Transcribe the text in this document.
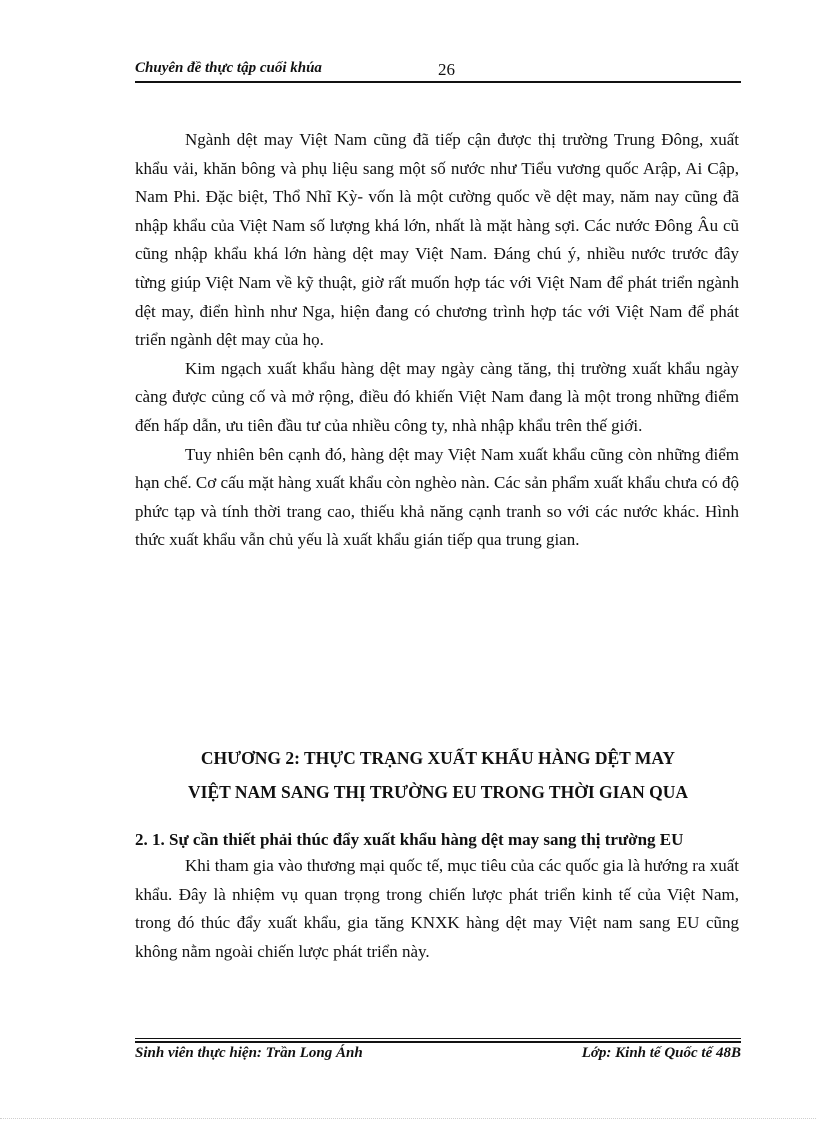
Chuyên đề thực tập cuối khúa	26

Ngành dệt may Việt Nam cũng đã tiếp cận được thị trường Trung Đông, xuất khẩu vải, khăn bông và phụ liệu sang một số nước như Tiểu vương quốc Arập, Ai Cập, Nam Phi. Đặc biệt, Thổ Nhĩ Kỳ- vốn là một cường quốc về dệt may, năm nay cũng đã nhập khẩu của Việt Nam số lượng khá lớn, nhất là mặt hàng sợi. Các nước Đông Âu cũ cũng nhập khẩu khá lớn hàng dệt may Việt Nam. Đáng chú ý, nhiều nước trước đây từng giúp Việt Nam về kỹ thuật, giờ rất muốn hợp tác với Việt Nam để phát triển ngành dệt may, điển hình như Nga, hiện đang có chương trình hợp tác với Việt Nam để phát triển ngành dệt may của họ.

Kim ngạch xuất khẩu hàng dệt may ngày càng tăng, thị trường xuất khẩu ngày càng được củng cố và mở rộng, điều đó khiến Việt Nam đang là một trong những điểm đến hấp dẫn, ưu tiên đầu tư của nhiều công ty, nhà nhập khẩu trên thế giới.

Tuy nhiên bên cạnh đó, hàng dệt may Việt Nam xuất khẩu cũng còn những điểm hạn chế. Cơ cấu mặt hàng xuất khẩu còn nghèo nàn. Các sản phẩm xuất khẩu chưa có độ phức tạp và tính thời trang cao, thiếu khả năng cạnh tranh so với các nước khác. Hình thức xuất khẩu vẫn chủ yếu là xuất khẩu gián tiếp qua trung gian.

CHƯƠNG 2: THỰC TRẠNG XUẤT KHẨU HÀNG DỆT MAY
VIỆT NAM SANG THỊ TRƯỜNG EU TRONG THỜI GIAN QUA
2. 1. Sự cần thiết phải thúc đẩy xuất khẩu hàng dệt may sang thị trường EU

Khi tham gia vào thương mại quốc tế, mục tiêu của các quốc gia là hướng ra xuất khẩu. Đây là nhiệm vụ quan trọng trong chiến lược phát triển kinh tế của Việt Nam, trong đó thúc đẩy xuất khẩu, gia tăng KNXK hàng dệt may Việt nam sang EU cũng không nằm ngoài chiến lược phát triển này.

Sinh viên thực hiện: Trần Long Ánh	Lớp: Kinh tế Quốc tế 48B
